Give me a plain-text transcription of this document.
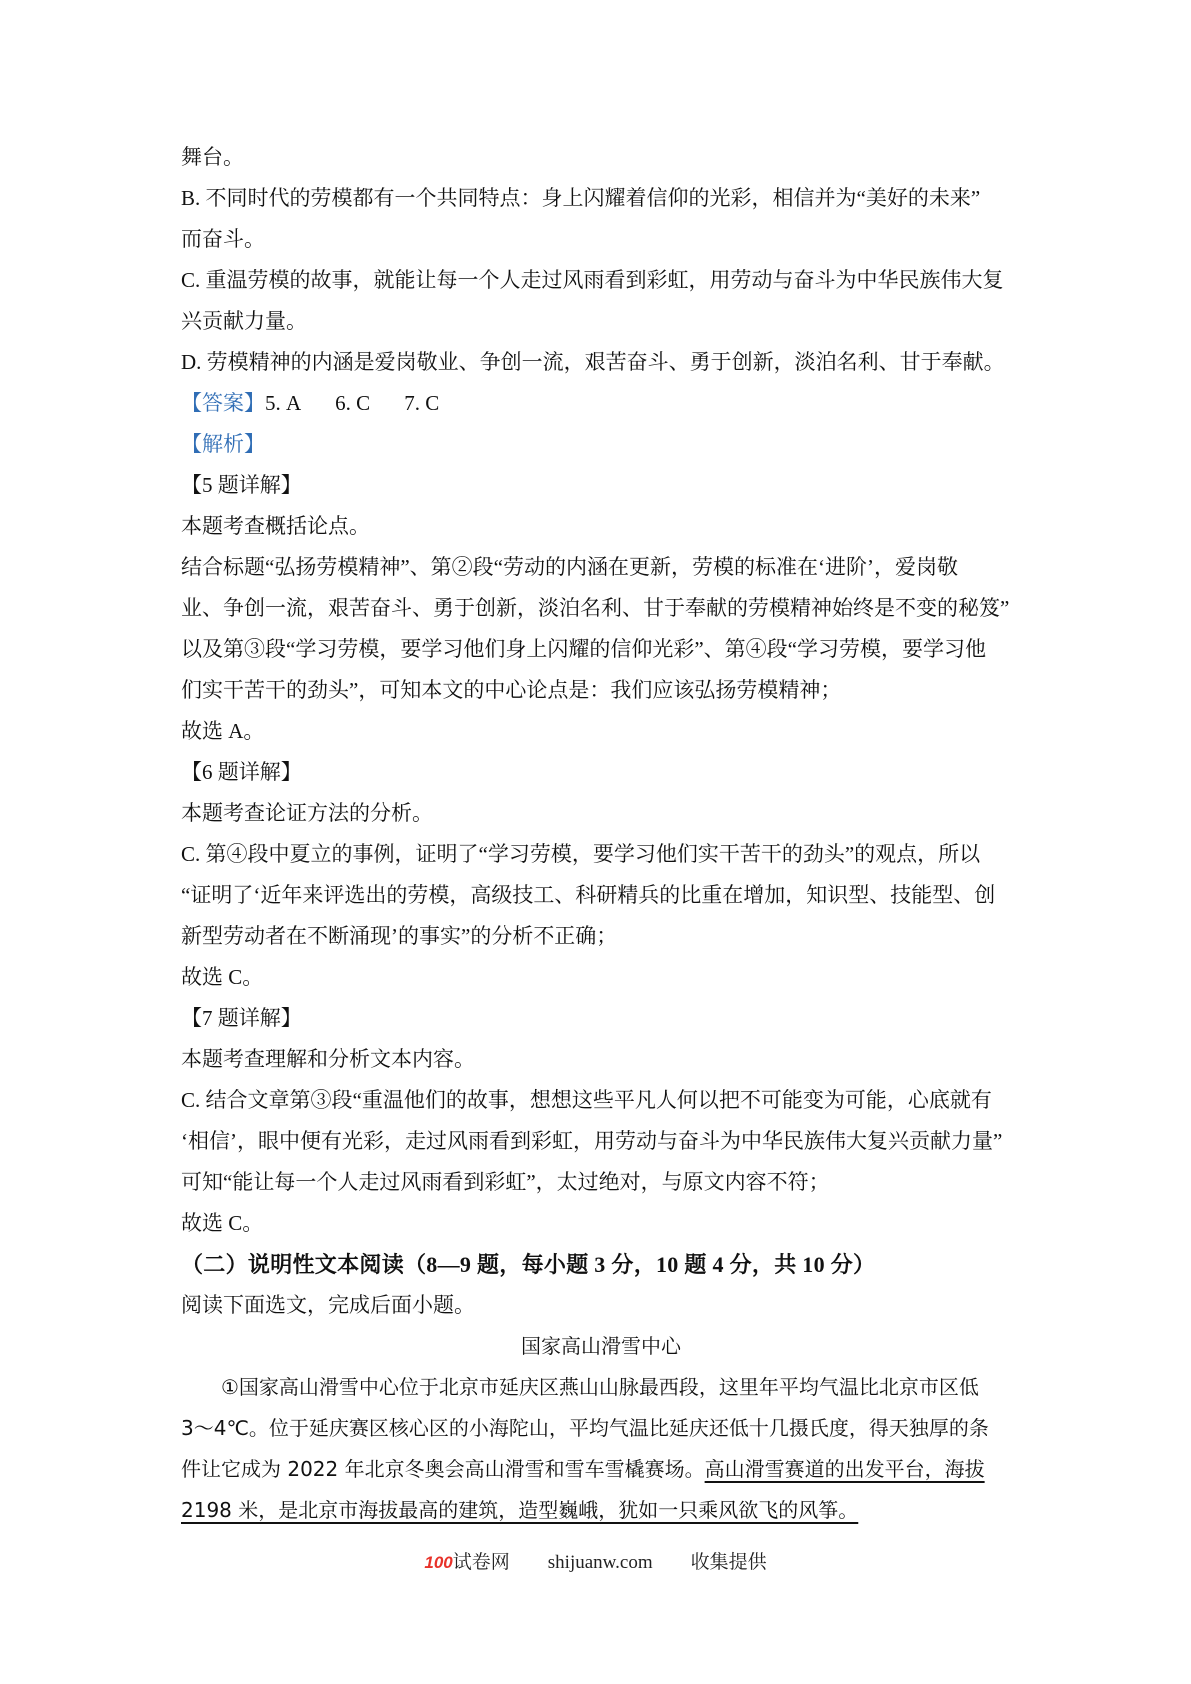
舞台。
B. 不同时代的劳模都有一个共同特点：身上闪耀着信仰的光彩，相信并为“美好的未来”
而奋斗。
C. 重温劳模的故事，就能让每一个人走过风雨看到彩虹，用劳动与奋斗为中华民族伟大复
兴贡献力量。
D. 劳模精神的内涵是爱岗敬业、争创一流，艰苦奋斗、勇于创新，淡泊名利、甘于奉献。
【答案】5. A 6. C 7. C
【解析】
【5 题详解】
本题考查概括论点。
结合标题“弘扬劳模精神”、第②段“劳动的内涵在更新，劳模的标准在‘进阶’，爱岗敬
业、争创一流，艰苦奋斗、勇于创新，淡泊名利、甘于奉献的劳模精神始终是不变的秘笈”
以及第③段“学习劳模，要学习他们身上闪耀的信仰光彩”、第④段“学习劳模，要学习他
们实干苦干的劲头”，可知本文的中心论点是：我们应该弘扬劳模精神；
故选 A。
【6 题详解】
本题考查论证方法的分析。
C. 第④段中夏立的事例，证明了“学习劳模，要学习他们实干苦干的劲头”的观点，所以
“证明了‘近年来评选出的劳模，高级技工、科研精兵的比重在增加，知识型、技能型、创
新型劳动者在不断涌现’的事实”的分析不正确；
故选 C。
【7 题详解】
本题考查理解和分析文本内容。
C. 结合文章第③段“重温他们的故事，想想这些平凡人何以把不可能变为可能，心底就有
‘相信’，眼中便有光彩，走过风雨看到彩虹，用劳动与奋斗为中华民族伟大复兴贡献力量”
可知“能让每一个人走过风雨看到彩虹”，太过绝对，与原文内容不符；
故选 C。
（二）说明性文本阅读（8—9 题，每小题 3 分，10 题 4 分，共 10 分）
阅读下面选文，完成后面小题。
国家高山滑雪中心
①国家高山滑雪中心位于北京市延庆区燕山山脉最西段，这里年平均气温比北京市区低
3～4℃。位于延庆赛区核心区的小海陀山，平均气温比延庆还低十几摄氏度，得天独厚的条
件让它成为 2022 年北京冬奥会高山滑雪和雪车雪橇赛场。高山滑雪赛道的出发平台，海拔
2198 米，是北京市海拔最高的建筑，造型巍峨，犹如一只乘风欲飞的风筝。
100试卷网 shijuanw.com 收集提供
